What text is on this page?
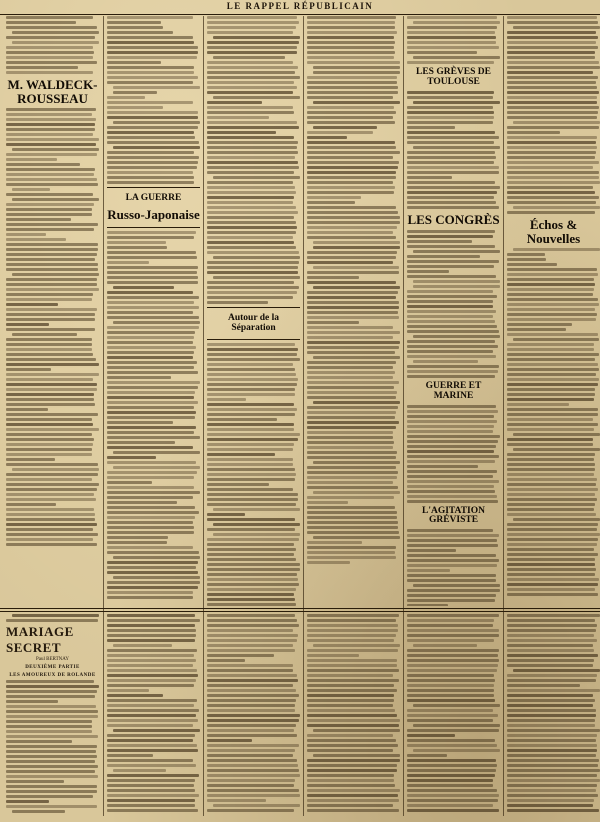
LE RAPPEL RÉPUBLICAIN
M. WALDECK-ROUSSEAU
LA GUERRE
Russo-Japonaise
Autour de la Séparation
LES GRÈVES DE TOULOUSE
LES CONGRÈS
GUERRE ET MARINE
L'AGITATION GRÉVISTE
Échos & Nouvelles
MARIAGE SECRET
Paul BERTNAY
DEUXIÈME PARTIE
LES AMOUREUX DE ROLANDE
